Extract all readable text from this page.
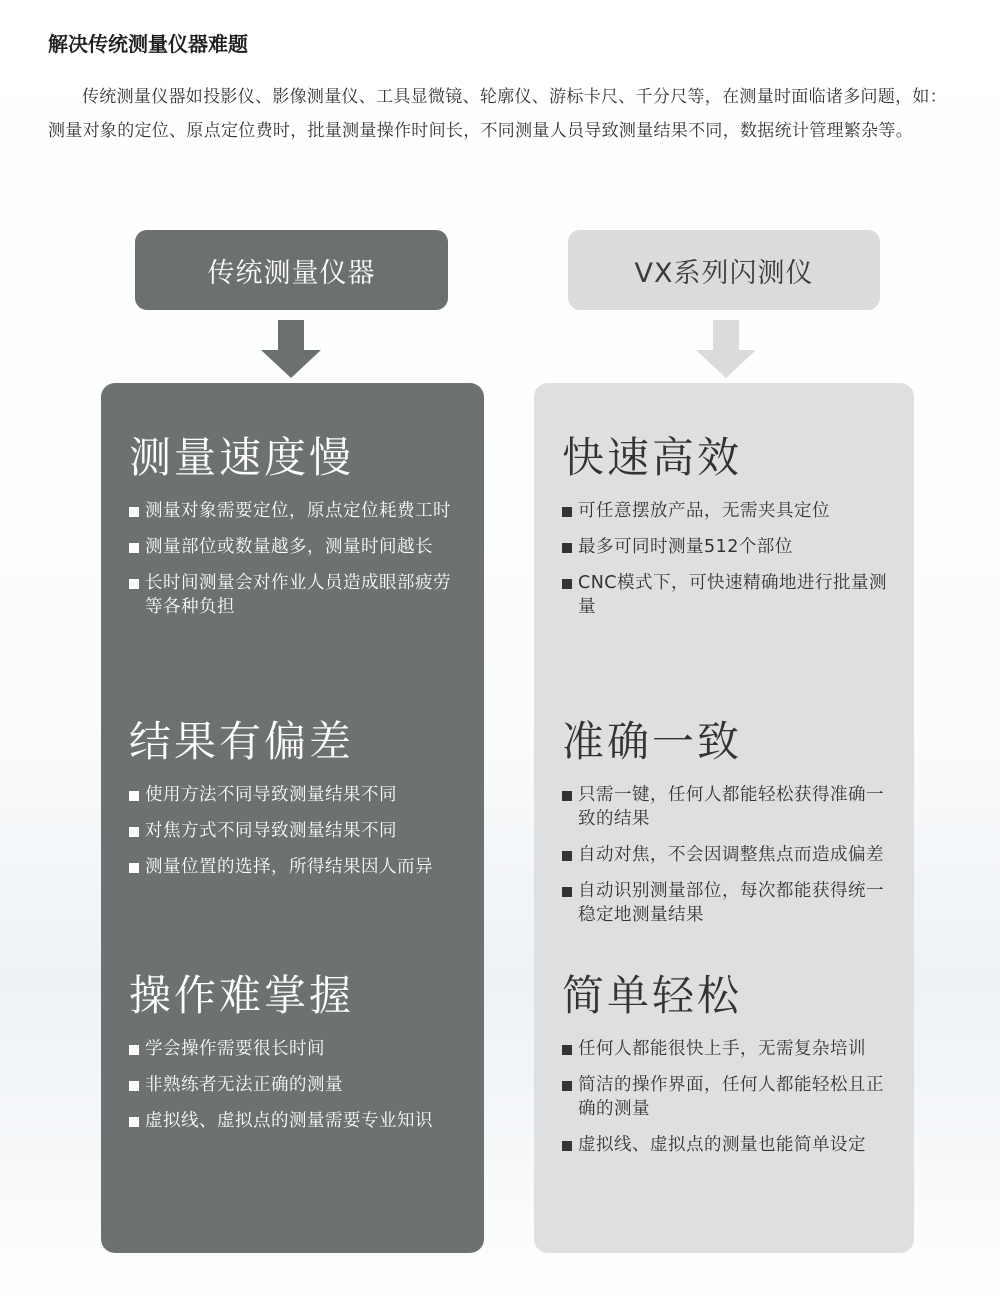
解决传统测量仪器难题

传统测量仪器如投影仪、影像测量仪、工具显微镜、轮廓仪、游标卡尺、千分尺等，在测量时面临诸多问题，如：测量对象的定位、原点定位费时，批量测量操作时间长，不同测量人员导致测量结果不同，数据统计管理繁杂等。

传统测量仪器	VX系列闪测仪
测量速度慢
测量对象需要定位，原点定位耗费工时
测量部位或数量越多，测量时间越长
长时间测量会对作业人员造成眼部疲劳等各种负担
结果有偏差
使用方法不同导致测量结果不同
对焦方式不同导致测量结果不同
测量位置的选择，所得结果因人而异
操作难掌握
学会操作需要很长时间
非熟练者无法正确的测量
虚拟线、虚拟点的测量需要专业知识
快速高效
可任意摆放产品，无需夹具定位
最多可同时测量512个部位
CNC模式下，可快速精确地进行批量测量
准确一致
只需一键，任何人都能轻松获得准确一致的结果
自动对焦，不会因调整焦点而造成偏差
自动识别测量部位，每次都能获得统一稳定地测量结果
简单轻松
任何人都能很快上手，无需复杂培训
简洁的操作界面，任何人都能轻松且正确的测量
虚拟线、虚拟点的测量也能简单设定
